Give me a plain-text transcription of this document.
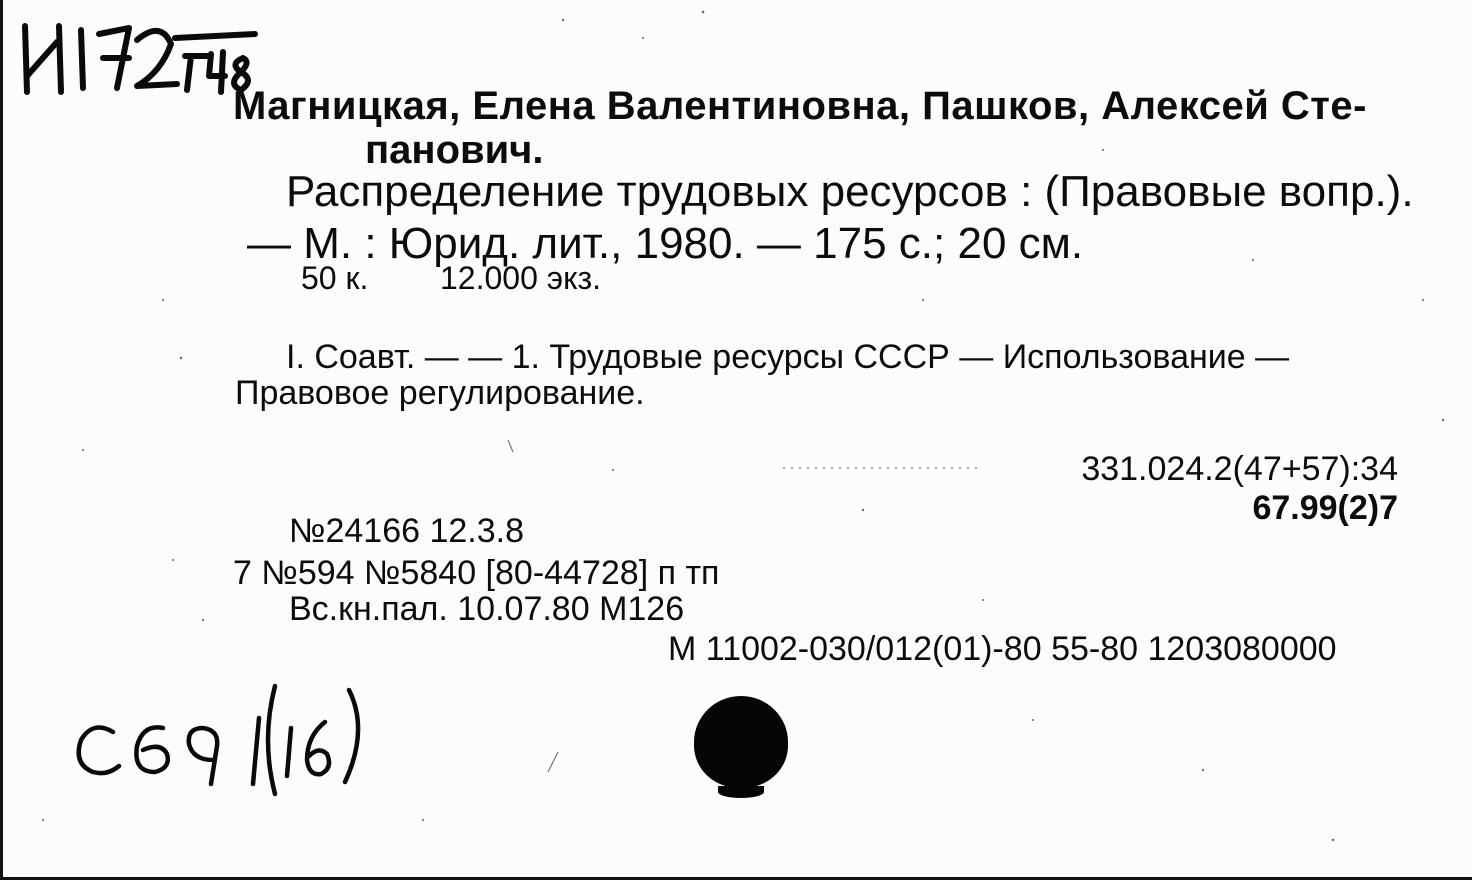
Магницкая, Елена Валентиновна, Пашков, Алексей Сте-
панович.
Распределение трудовых ресурсов : (Правовые вопр.).
— М. : Юрид. лит., 1980. — 175 с.; 20 см.
50 к. 12.000 экз.
I. Соавт. — — 1. Трудовые ресурсы СССР — Использование —
Правовое регулирование.
331.024.2(47+57):34
67.99(2)7
№24166 12.3.8
7 №594 №5840 [80-44728] п тп
Вс.кн.пал. 10.07.80 М126
М 11002-030/012(01)-80 55-80 1203080000
